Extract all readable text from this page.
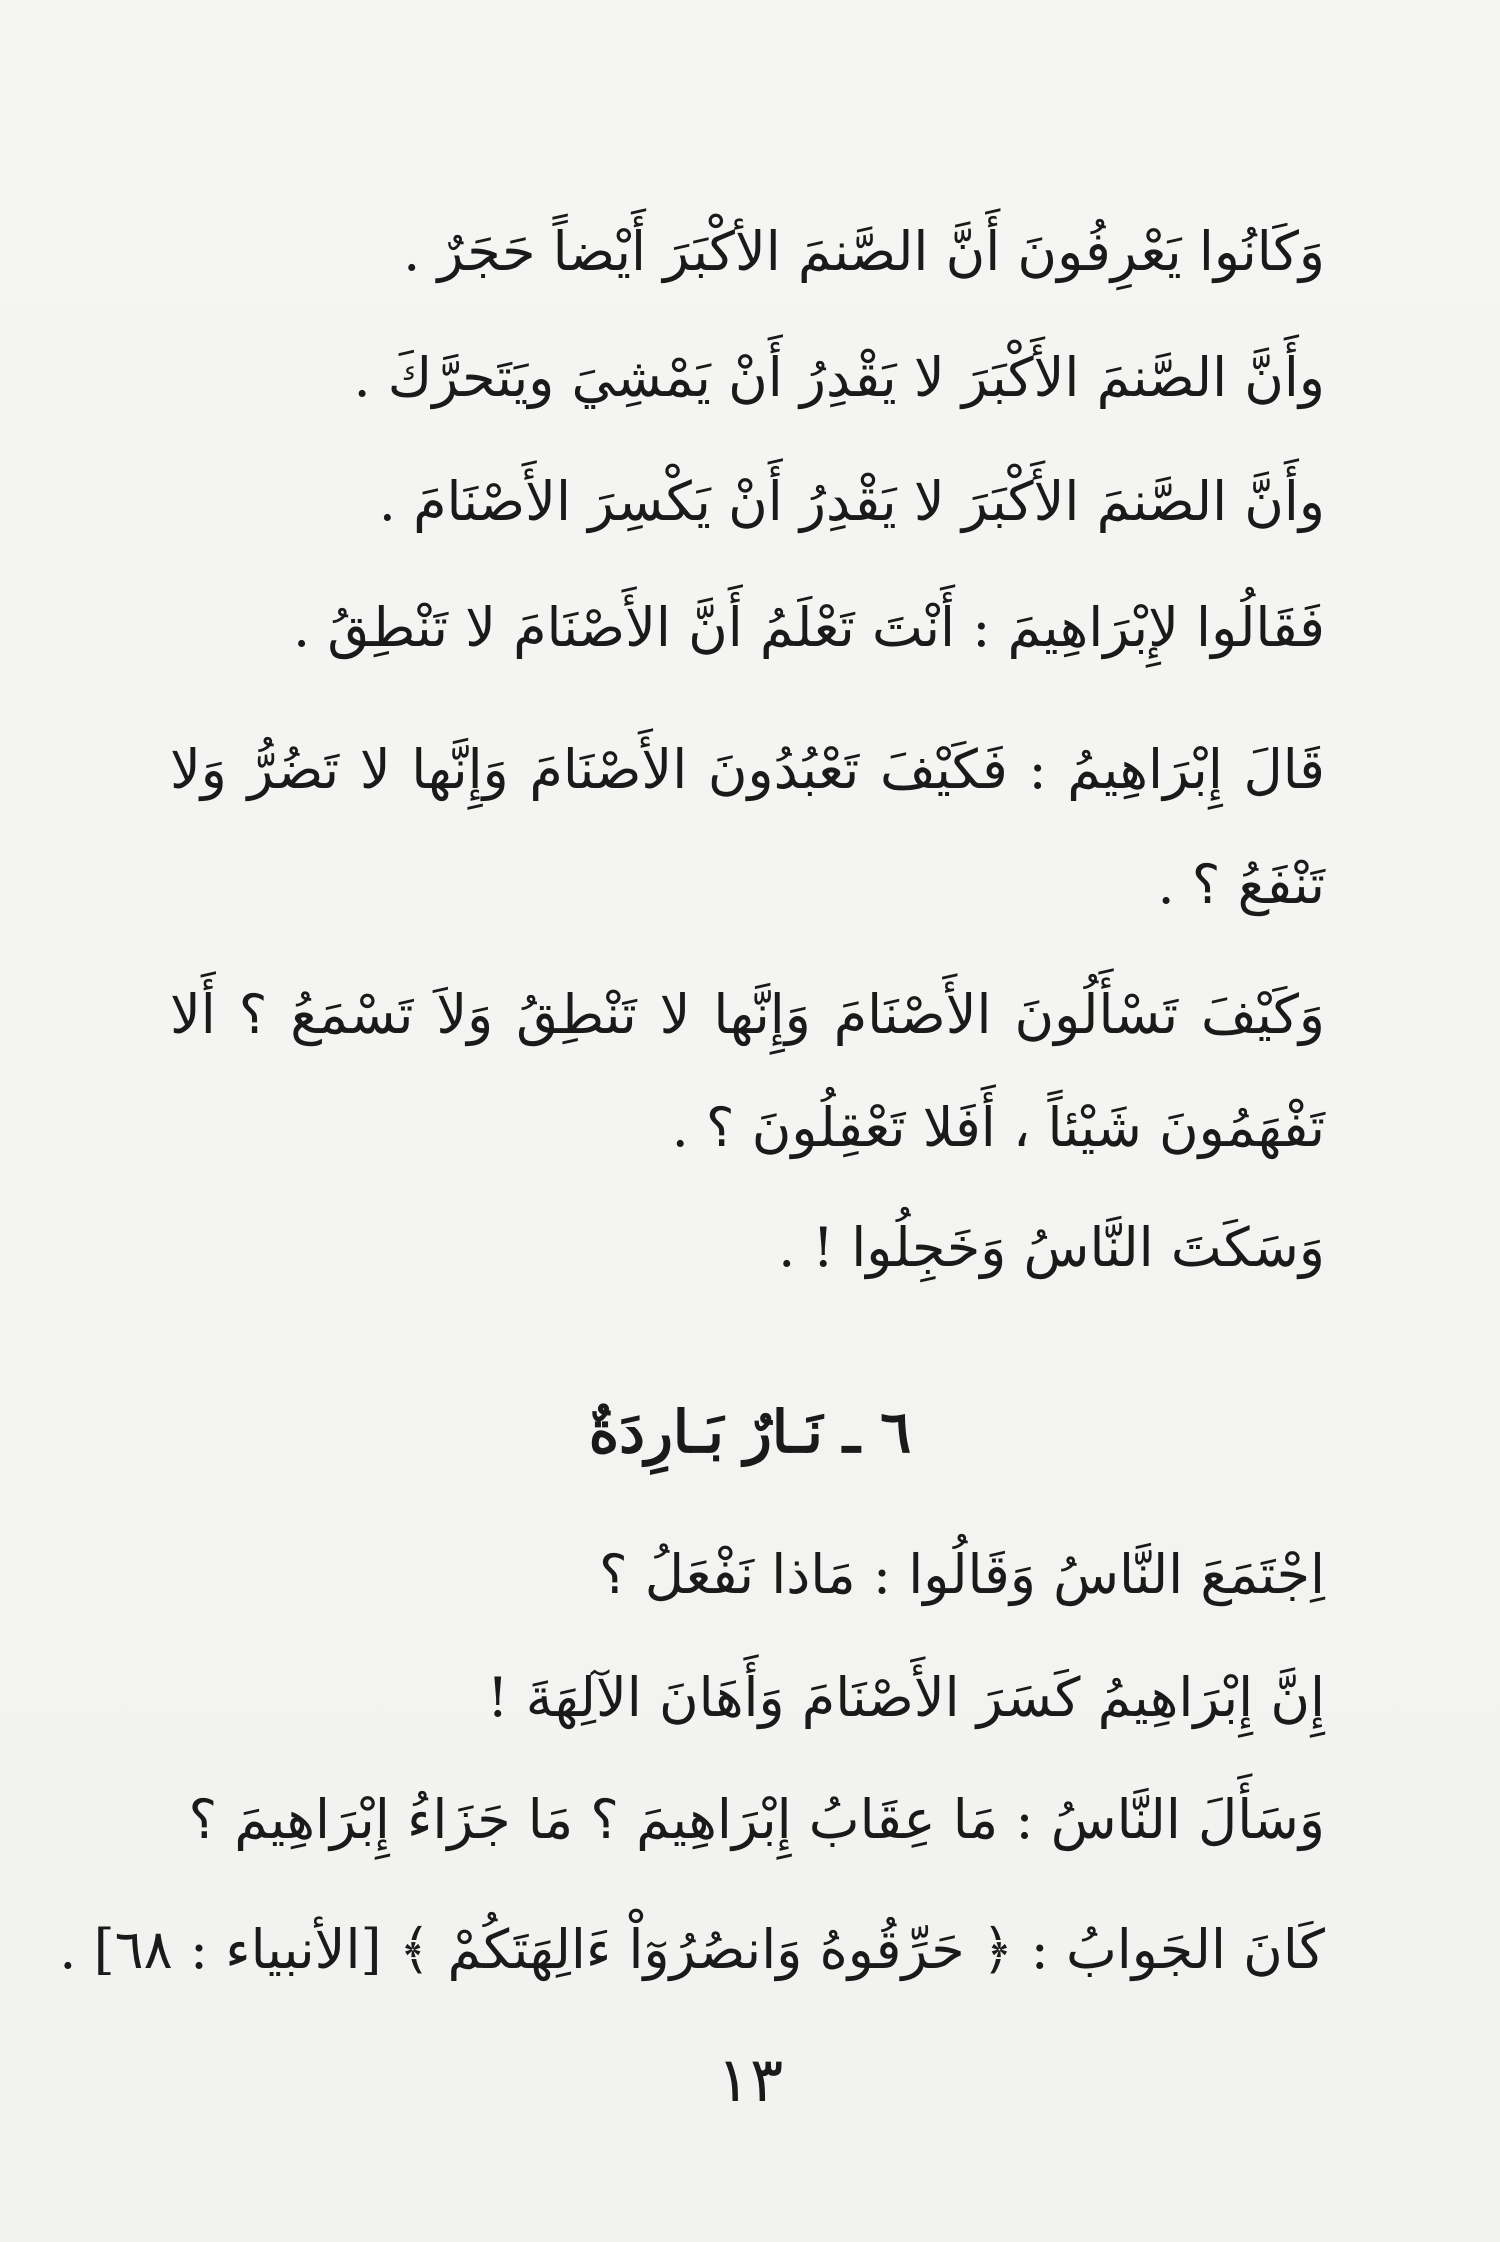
وَكَانُوا يَعْرِفُونَ أَنَّ الصَّنمَ الأكْبَرَ أَيْضاً حَجَرٌ .
وأَنَّ الصَّنمَ الأَكْبَرَ لا يَقْدِرُ أَنْ يَمْشِيَ ويَتَحرَّكَ .
وأَنَّ الصَّنمَ الأَكْبَرَ لا يَقْدِرُ أَنْ يَكْسِرَ الأَصْنَامَ .
فَقَالُوا لإِبْرَاهِيمَ : أَنْتَ تَعْلَمُ أَنَّ الأَصْنَامَ لا تَنْطِقُ .
قَالَ إِبْرَاهِيمُ : فَكَيْفَ تَعْبُدُونَ الأَصْنَامَ وَإِنَّها لا تَضُرُّ وَلا
تَنْفَعُ ؟ .
وَكَيْفَ تَسْأَلُونَ الأَصْنَامَ وَإِنَّها لا تَنْطِقُ وَلاَ تَسْمَعُ ؟ أَلا
تَفْهَمُونَ شَيْئاً ، أَفَلا تَعْقِلُونَ ؟ .
وَسَكَتَ النَّاسُ وَخَجِلُوا ! .
٦ ـ نَـارٌ بَـارِدَةٌ
اِجْتَمَعَ النَّاسُ وَقَالُوا : مَاذا نَفْعَلُ ؟
إِنَّ إِبْرَاهِيمُ كَسَرَ الأَصْنَامَ وَأَهَانَ الآلِهَةَ !
وَسَأَلَ النَّاسُ : مَا عِقَابُ إِبْرَاهِيمَ ؟ مَا جَزَاءُ إِبْرَاهِيمَ ؟
كَانَ الجَوابُ : ﴿ حَرِّقُوهُ وَانصُرُوٓاْ ءَالِهَتَكُمْ ﴾ [الأنبياء : ٦٨] .
١٣
